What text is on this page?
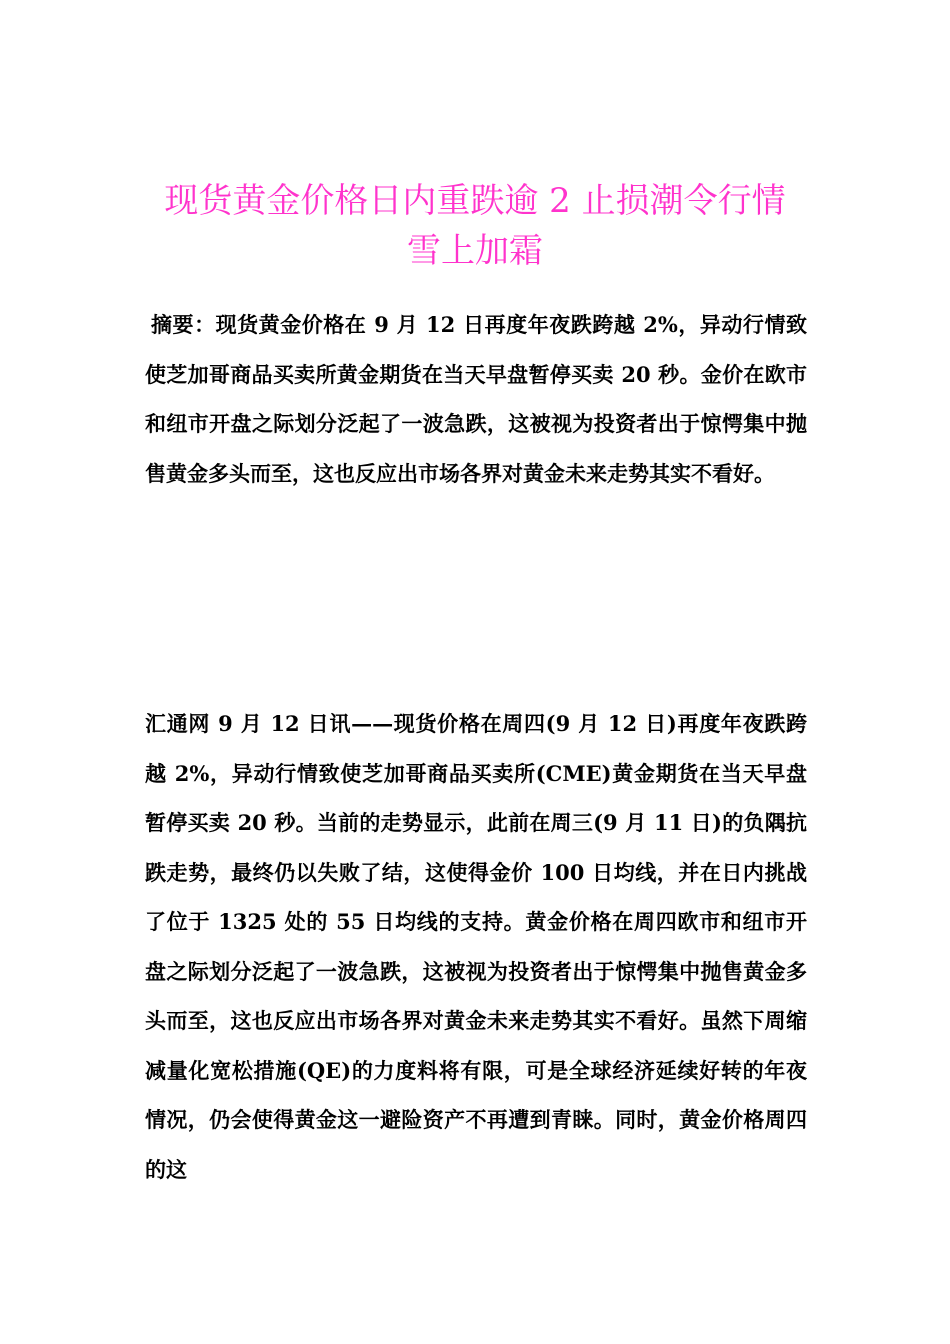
现货黄金价格日内重跌逾 2 止损潮令行情
雪上加霜

摘要：现货黄金价格在 9 月 12 日再度年夜跌跨越 2%，异动行情致使芝加哥商品买卖所黄金期货在当天早盘暂停买卖 20 秒。金价在欧市和纽市开盘之际划分泛起了一波急跌，这被视为投资者出于惊愕集中抛售黄金多头而至，这也反应出市场各界对黄金未来走势其实不看好。

汇通网 9 月 12 日讯——现货价格在周四(9 月 12 日)再度年夜跌跨越 2%，异动行情致使芝加哥商品买卖所(CME)黄金期货在当天早盘暂停买卖 20 秒。当前的走势显示，此前在周三(9 月 11 日)的负隅抗跌走势，最终仍以失败了结，这使得金价 100 日均线，并在日内挑战了位于 1325 处的 55 日均线的支持。黄金价格在周四欧市和纽市开盘之际划分泛起了一波急跌，这被视为投资者出于惊愕集中抛售黄金多头而至，这也反应出市场各界对黄金未来走势其实不看好。虽然下周缩减量化宽松措施(QE)的力度料将有限，可是全球经济延续好转的年夜情况，仍会使得黄金这一避险资产不再遭到青睐。同时，黄金价格周四的这
